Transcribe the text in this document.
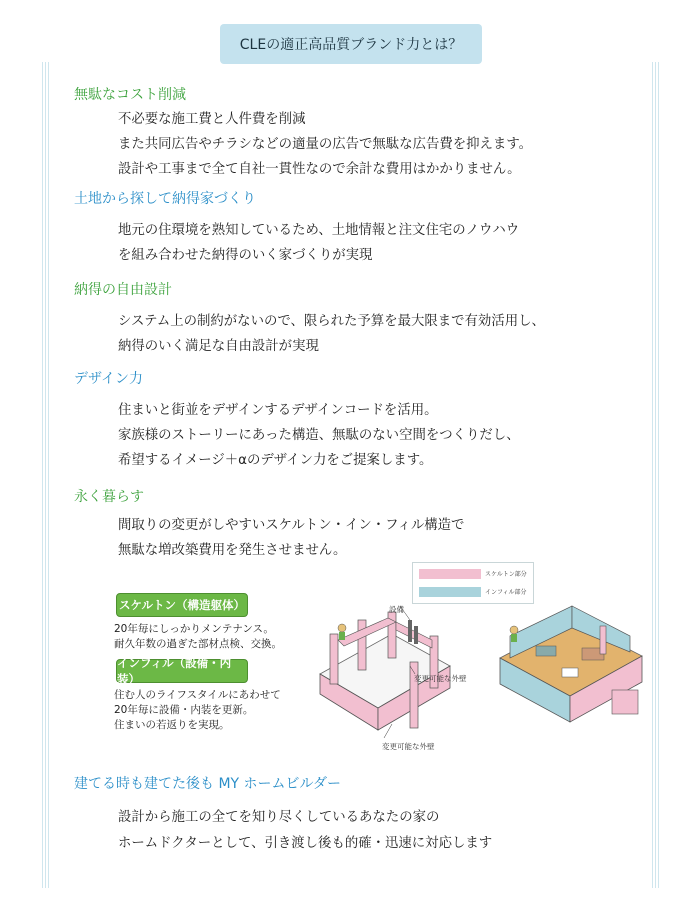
CLEの適正高品質ブランド力とは？
無駄なコスト削減
不必要な施工費と人件費を削減
また共同広告やチラシなどの適量の広告で無駄な広告費を抑えます。
設計や工事まで全て自社一貫性なので余計な費用はかかりません。
土地から探して納得家づくり
地元の住環境を熟知しているため、土地情報と注文住宅のノウハウ
を組み合わせた納得のいく家づくりが実現
納得の自由設計
システム上の制約がないので、限られた予算を最大限まで有効活用し、
納得のいく満足な自由設計が実現
デザイン力
住まいと街並をデザインするデザインコードを活用。
家族様のストーリーにあった構造、無駄のない空間をつくりだし、
希望するイメージ＋αのデザイン力をご提案します。
永く暮らす
間取りの変更がしやすいスケルトン・イン・フィル構造で
無駄な増改築費用を発生させません。
スケルトン（構造躯体）
20年毎にしっかりメンテナンス。
耐久年数の過ぎた部材点検、交換。
インフィル（設備・内装）
住む人のライフスタイルにあわせて
20年毎に設備・内装を更新。
住まいの若返りを実現。
スケルトン部分
インフィル部分
設備
変更可能な外壁
変更可能な外壁
建てる時も建てた後も MY ホームビルダー
設計から施工の全てを知り尽くしているあなたの家の
ホームドクターとして、引き渡し後も的確・迅速に対応します
